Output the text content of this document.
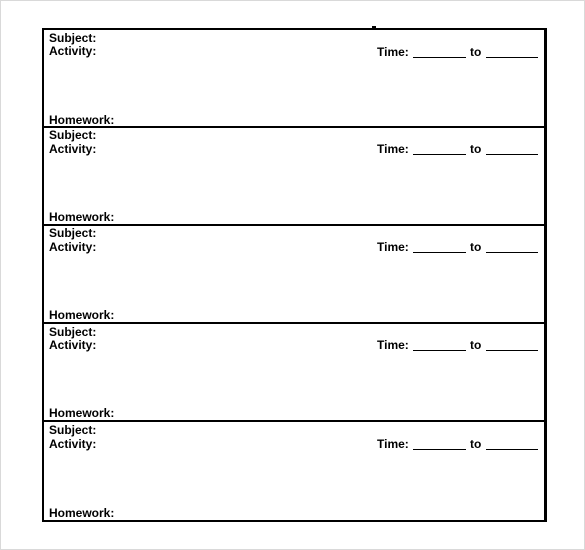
Subject:
Activity:	Time:	to
Homework:
Subject:
Activity:	Time:	to
Homework:
Subject:
Activity:	Time:	to
Homework:
Subject:
Activity:	Time:	to
Homework:
Subject:
Activity:	Time:	to
Homework:
